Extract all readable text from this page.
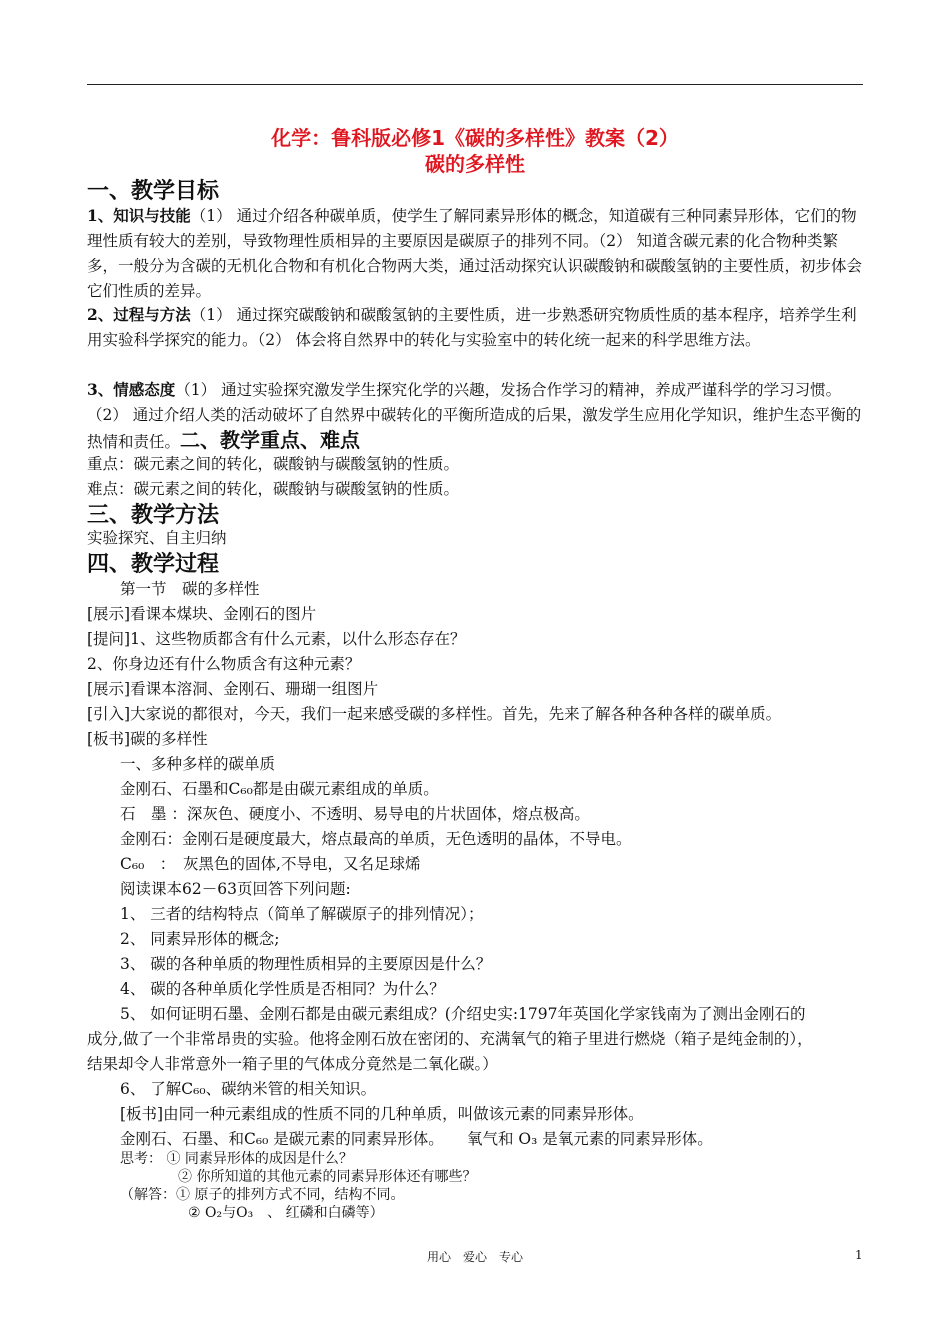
化学：鲁科版必修1《碳的多样性》教案（2）
碳的多样性
一、教学目标
1、知识与技能（1） 通过介绍各种碳单质，使学生了解同素异形体的概念，知道碳有三种同素异形体，它们的物理性质有较大的差别，导致物理性质相异的主要原因是碳原子的排列不同。（2） 知道含碳元素的化合物种类繁多，一般分为含碳的无机化合物和有机化合物两大类，通过活动探究认识碳酸钠和碳酸氢钠的主要性质，初步体会它们性质的差异。
2、过程与方法（1） 通过探究碳酸钠和碳酸氢钠的主要性质，进一步熟悉研究物质性质的基本程序，培养学生利用实验科学探究的能力。（2） 体会将自然界中的转化与实验室中的转化统一起来的科学思维方法。
3、情感态度（1） 通过实验探究激发学生探究化学的兴趣，发扬合作学习的精神，养成严谨科学的学习习惯。（2） 通过介绍人类的活动破坏了自然界中碳转化的平衡所造成的后果，激发学生应用化学知识，维护生态平衡的热情和责任。二、教学重点、难点
重点：碳元素之间的转化，碳酸钠与碳酸氢钠的性质。
难点：碳元素之间的转化，碳酸钠与碳酸氢钠的性质。
三、教学方法
实验探究、自主归纳
四、教学过程
第一节　碳的多样性
[展示]看课本煤块、金刚石的图片
[提问]1、这些物质都含有什么元素，以什么形态存在？
2、你身边还有什么物质含有这种元素？
[展示]看课本溶洞、金刚石、珊瑚一组图片
[引入]大家说的都很对，今天，我们一起来感受碳的多样性。首先，先来了解各种各种各样的碳单质。
[板书]碳的多样性
一、多种多样的碳单质
金刚石、石墨和C₆₀都是由碳元素组成的单质。
石　墨 ：深灰色、硬度小、不透明、易导电的片状固体，熔点极高。
金刚石：金刚石是硬度最大，熔点最高的单质，无色透明的晶体，不导电。
C₆₀　：　灰黑色的固体,不导电，又名足球烯
阅读课本62－63页回答下列问题:
1、 三者的结构特点（简单了解碳原子的排列情况）；
2、 同素异形体的概念;
3、 碳的各种单质的物理性质相异的主要原因是什么？
4、 碳的各种单质化学性质是否相同？为什么？
5、 如何证明石墨、金刚石都是由碳元素组成？(介绍史实:1797年英国化学家钱南为了测出金刚石的
成分,做了一个非常昂贵的实验。他将金刚石放在密闭的、充满氧气的箱子里进行燃烧（箱子是纯金制的），
结果却令人非常意外一箱子里的气体成分竟然是二氧化碳。）
6、 了解C₆₀、碳纳米管的相关知识。
[板书]由同一种元素组成的性质不同的几种单质，叫做该元素的同素异形体。
金刚石、石墨、和C₆₀ 是碳元素的同素异形体。　　氧气和 O₃ 是氧元素的同素异形体。
思考： ① 同素异形体的成因是什么？
② 你所知道的其他元素的同素异形体还有哪些？
（解答：① 原子的排列方式不同，结构不同。
② O₂与O₃　、 红磷和白磷等）
用心　爱心　专心	1
